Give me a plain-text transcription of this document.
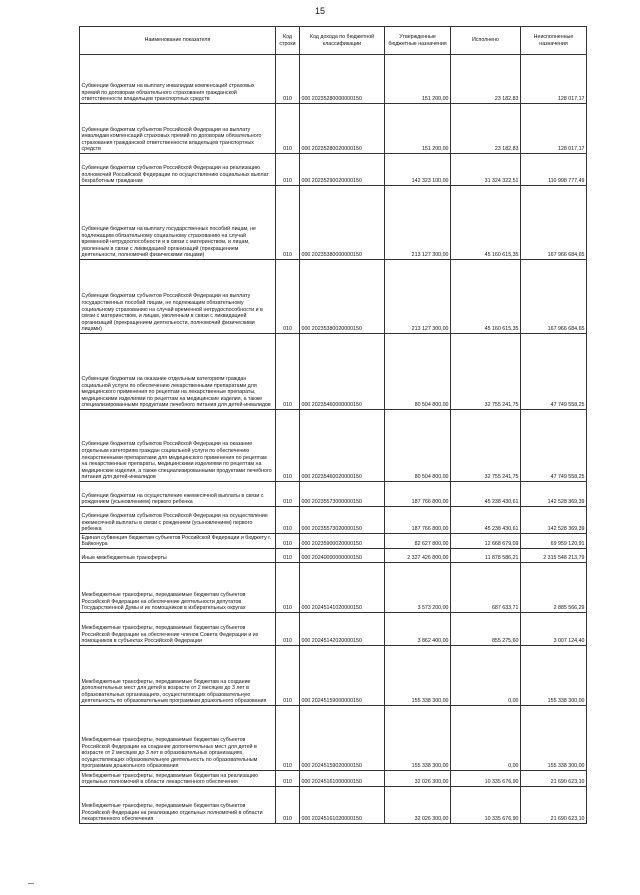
15
Наименование показателя	Код строки	Код дохода по бюджетной классификации	Утвержденные бюджетные назначения	Исполнено	Неисполненные назначения
Субвенции бюджетам на выплату инвалидам компенсаций страховых премий по договорам обязательного страхования гражданской ответственности владельцев транспортных средств	010	000 20235280000000150	151 200,00	23 182,83	128 017,17
Субвенции бюджетам субъектов Российской Федерации на выплату инвалидам компенсаций страховых премий по договорам обязательного страхования гражданской ответственности владельцев транспортных средств	010	000 20235280020000150	151 200,00	23 182,83	128 017,17
Субвенции бюджетам субъектов Российской Федерации на реализацию полномочий Российской Федерации по осуществлению социальных выплат безработным гражданам	010	000 20235290020000150	142 323 100,00	31 324 322,51	110 998 777,49
Субвенции бюджетам на выплату государственных пособий лицам, не подлежащим обязательному социальному страхованию на случай временной нетрудоспособности и в связи с материнством, и лицам, уволенным в связи с ликвидацией организаций (прекращением деятельности, полномочий физическими лицами)	010	000 20235380000000150	213 127 300,00	45 160 615,35	167 966 684,65
Субвенции бюджетам субъектов Российской Федерации на выплату государственных пособий лицам, не подлежащим обязательному социальному страхованию на случай временной нетрудоспособности и в связи с материнством, и лицам, уволенным в связи с ликвидацией организаций (прекращением деятельности, полномочий физическими лицами)	010	000 20235380020000150	213 127 300,00	45 160 615,35	167 966 684,65
Субвенции бюджетам на оказание отдельным категориям граждан социальной услуги по обеспечению лекарственными препаратами для медицинского применения по рецептам на лекарственные препараты, медицинскими изделиями по рецептам на медицинские изделия, а также специализированными продуктами лечебного питания для детей-инвалидов	010	000 20235460000000150	80 504 800,00	32 755 241,75	47 749 558,25
Субвенции бюджетам субъектов Российской Федерации на оказание отдельным категориям граждан социальной услуги по обеспечению лекарственными препаратами для медицинского применения по рецептам на лекарственные препараты, медицинскими изделиями по рецептам на медицинские изделия, а также специализированными продуктами лечебного питания для детей-инвалидов	010	000 20235460020000150	80 504 800,00	32 755 241,75	47 749 558,25
Субвенции бюджетам на осуществление ежемесячной выплаты в связи с рождением (усыновлением) первого ребенка	010	000 20235573000000150	187 766 800,00	45 238 430,61	142 528 369,39
Субвенции бюджетам субъектов Российской Федерации на осуществление ежемесячной выплаты в связи с рождением (усыновлением) первого ребенка	010	000 20235573020000150	187 766 800,00	45 238 430,61	142 528 369,39
Единая субвенция бюджетам субъектов Российской Федерации и бюджету г. Байконура	010	000 20235900020000150	82 627 800,00	12 668 679,09	69 959 120,91
Иные межбюджетные трансферты	010	000 20240000000000150	2 327 426 800,00	11 878 586,21	2 315 548 213,79
Межбюджетные трансферты, передаваемые бюджетам субъектов Российской Федерации на обеспечение деятельности депутатов Государственной Думы и их помощников в избирательных округах	010	000 20245141020000150	3 573 200,00	687 633,71	2 885 566,29
Межбюджетные трансферты, передаваемые бюджетам субъектов Российской Федерации на обеспечение членов Совета Федерации и их помощников в субъектах Российской Федерации	010	000 20245142020000150	3 862 400,00	855 275,60	3 007 124,40
Межбюджетные трансферты, передаваемые бюджетам на создание дополнительных мест для детей в возрасте от 2 месяцев до 3 лет в образовательных организациях, осуществляющих образовательную деятельность по образовательным программам дошкольного образования	010	000 20245159000000150	155 338 300,00	0,00	155 338 300,00
Межбюджетные трансферты, передаваемые бюджетам субъектов Российской Федерации на создание дополнительных мест для детей в возрасте от 2 месяцев до 3 лет в образовательных организациях, осуществляющих образовательную деятельность по образовательным программам дошкольного образования	010	000 20245159020000150	155 338 300,00	0,00	155 338 300,00
Межбюджетные трансферты, передаваемые бюджетам на реализацию отдельных полномочий в области лекарственного обеспечения	010	000 20245161000000150	32 026 300,00	10 335 676,90	21 690 623,10
Межбюджетные трансферты, передаваемые бюджетам субъектов Российской Федерации на реализацию отдельных полномочий в области лекарственного обеспечения	010	000 20245161020000150	32 026 300,00	10 335 676,90	21 690 623,10
